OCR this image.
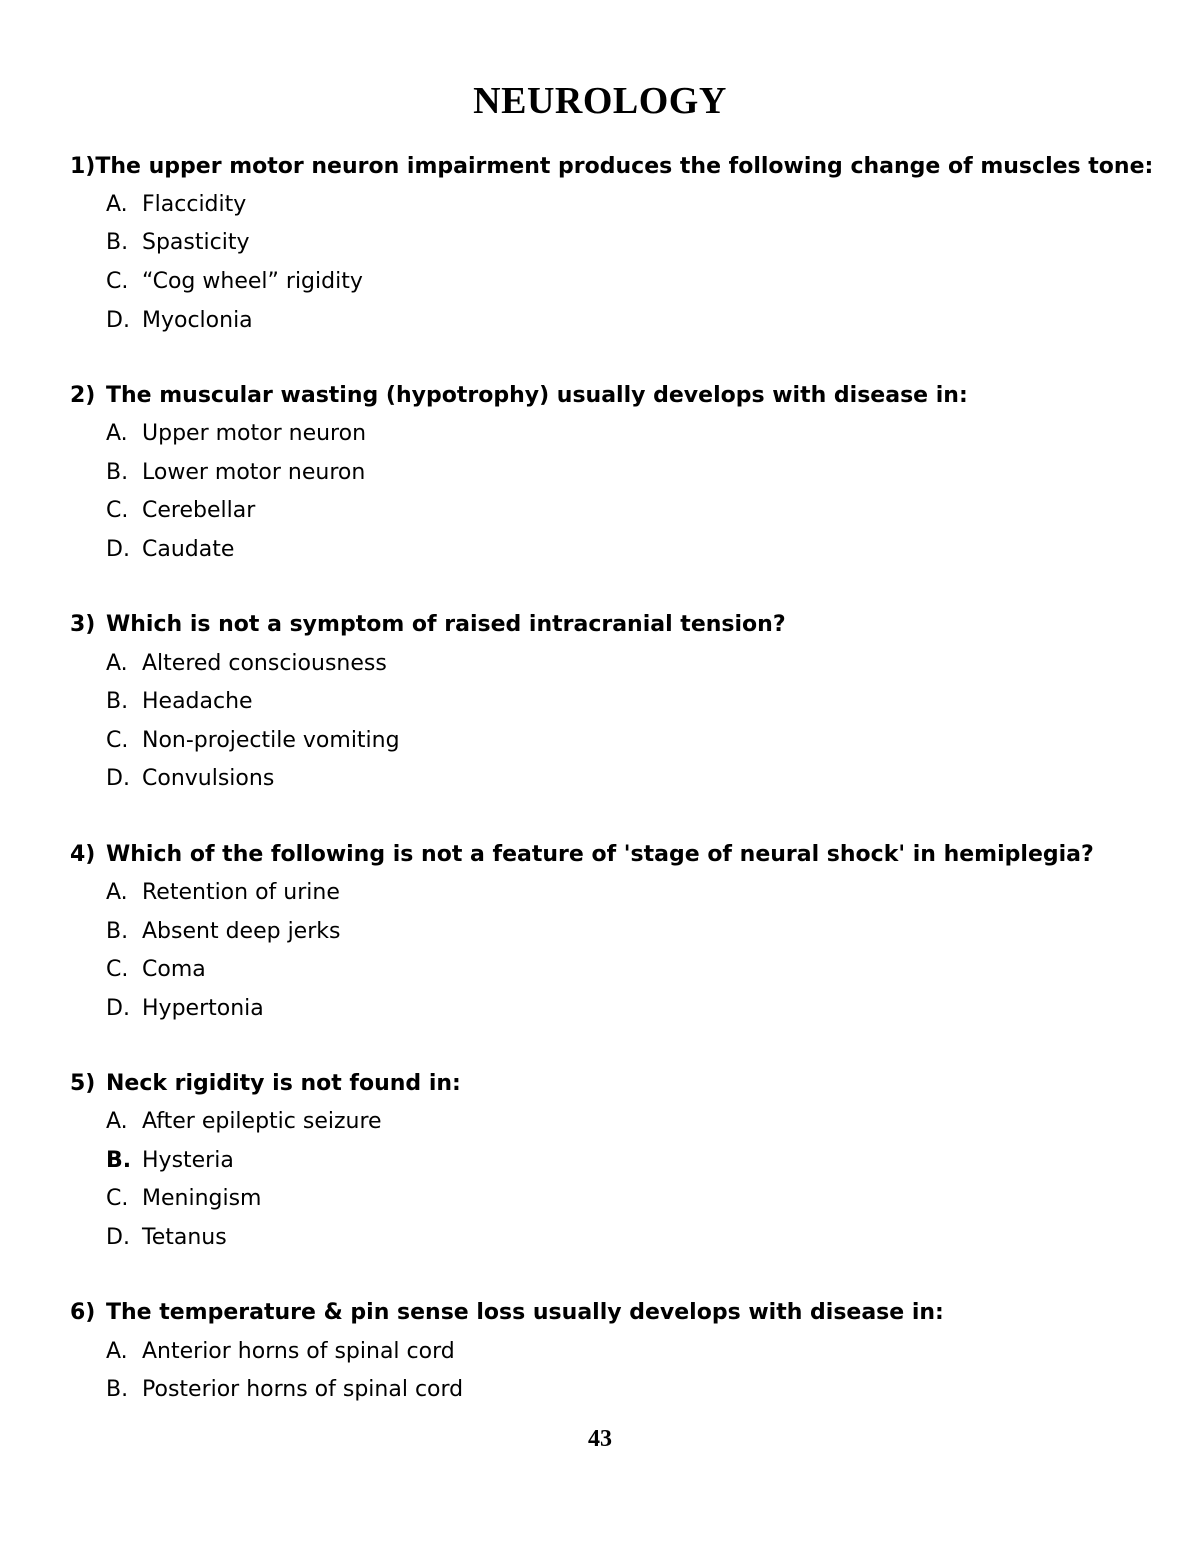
NEUROLOGY
1) The upper motor neuron impairment produces the following change of muscles tone:
A. Flaccidity
B. Spasticity
C. “Cog wheel” rigidity
D. Myoclonia
2) The muscular wasting (hypotrophy) usually develops with disease in:
A. Upper motor neuron
B. Lower motor neuron
C. Cerebellar
D. Caudate
3) Which is not a symptom of raised intracranial tension?
A. Altered consciousness
B. Headache
C. Non-projectile vomiting
D. Convulsions
4) Which of the following is not a feature of 'stage of neural shock' in hemiplegia?
A. Retention of urine
B. Absent deep jerks
C. Coma
D. Hypertonia
5) Neck rigidity is not found in:
A. After epileptic seizure
B. Hysteria
C. Meningism
D. Tetanus
6) The temperature & pin sense loss usually develops with disease in:
A. Anterior horns of spinal cord
B. Posterior horns of spinal cord
43
